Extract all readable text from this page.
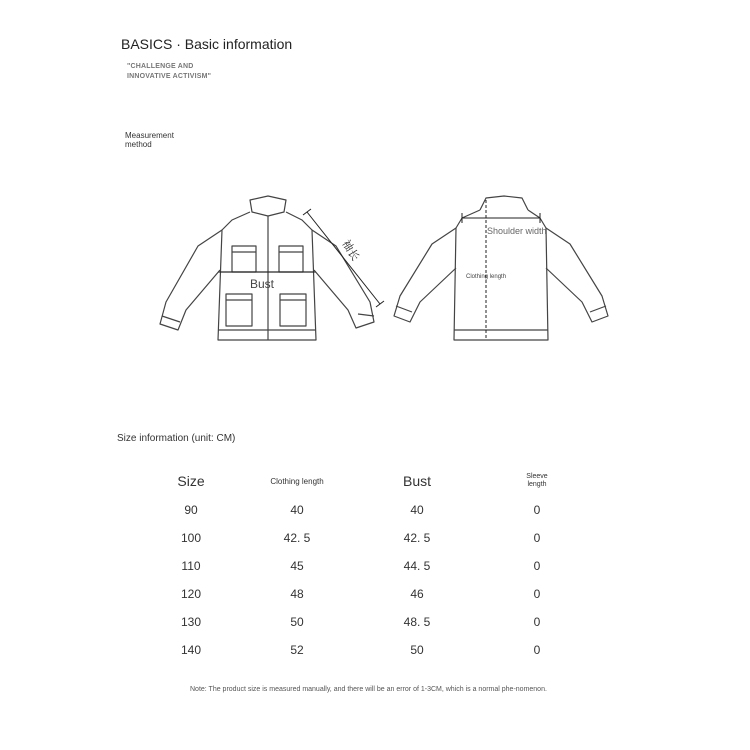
BASICS · Basic information
"CHALLENGE AND
INNOVATIVE ACTIVISM"
Measurement
method
Bust
袖长
Shoulder width
Clothing length
Size information (unit: CM)
Size	Clothing length	Bust	Sleeve
length

90	40	40	0
100	42. 5	42. 5	0
110	45	44. 5	0
120	48	46	0
130	50	48. 5	0
140	52	50	0
Note: The product size is measured manually, and there will be an error of 1-3CM, which is a normal phe-nomenon.
